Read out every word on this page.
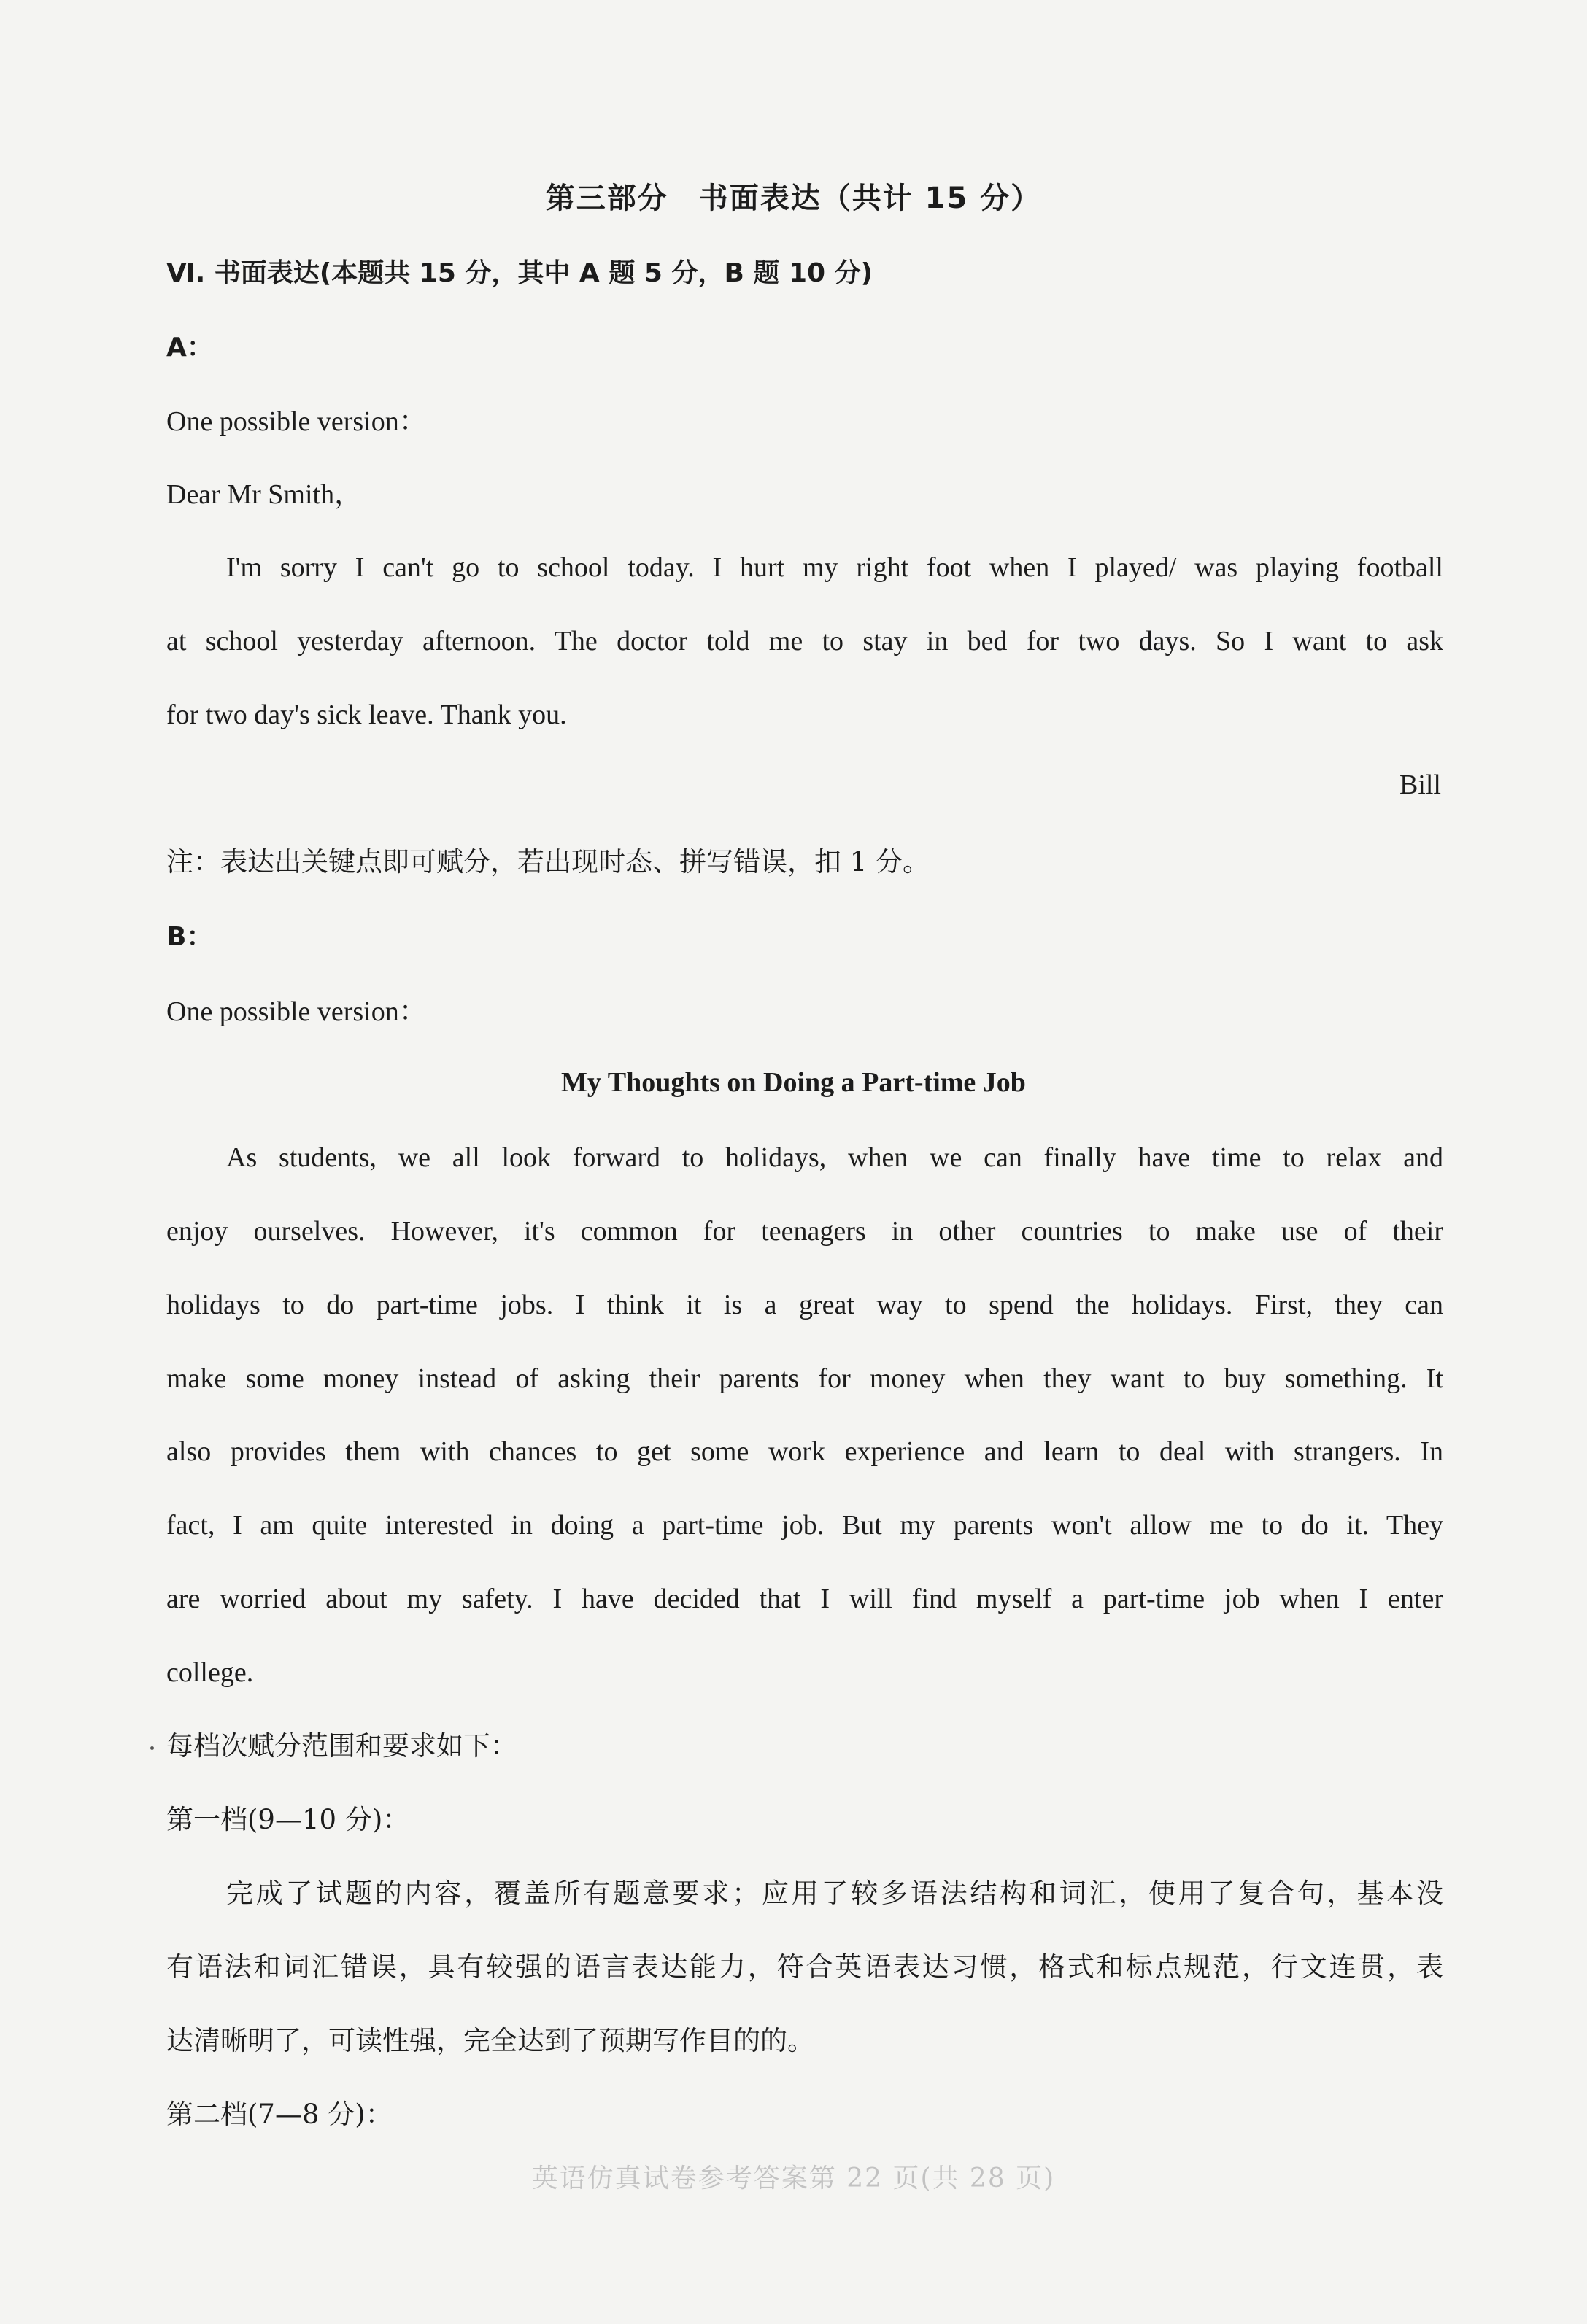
第三部分　书面表达（共计 15 分）
Ⅵ. 书面表达(本题共 15 分，其中 A 题 5 分，B 题 10 分)
A：
One possible version：
Dear Mr Smith，
I'm sorry I can't go to school today. I hurt my right foot when I played/ was playing football
at school yesterday afternoon. The doctor told me to stay in bed for two days. So I want to ask
for two day's sick leave. Thank you.
Bill
注：表达出关键点即可赋分，若出现时态、拼写错误，扣 1 分。
B：
One possible version：
My Thoughts on Doing a Part-time Job
As students, we all look forward to holidays, when we can finally have time to relax and
enjoy ourselves. However, it's common for teenagers in other countries to make use of their
holidays to do part-time jobs. I think it is a great way to spend the holidays. First, they can
make some money instead of asking their parents for money when they want to buy something. It
also provides them with chances to get some work experience and learn to deal with strangers. In
fact, I am quite interested in doing a part-time job. But my parents won't allow me to do it. They
are worried about my safety. I have decided that I will find myself a part-time job when I enter
college.
每档次赋分范围和要求如下：
第一档(9—10 分)：
完成了试题的内容，覆盖所有题意要求；应用了较多语法结构和词汇，使用了复合句，基本没
有语法和词汇错误，具有较强的语言表达能力，符合英语表达习惯，格式和标点规范，行文连贯，表
达清晰明了，可读性强，完全达到了预期写作目的的。
第二档(7—8 分)：
英语仿真试卷参考答案第 22 页(共 28 页)
